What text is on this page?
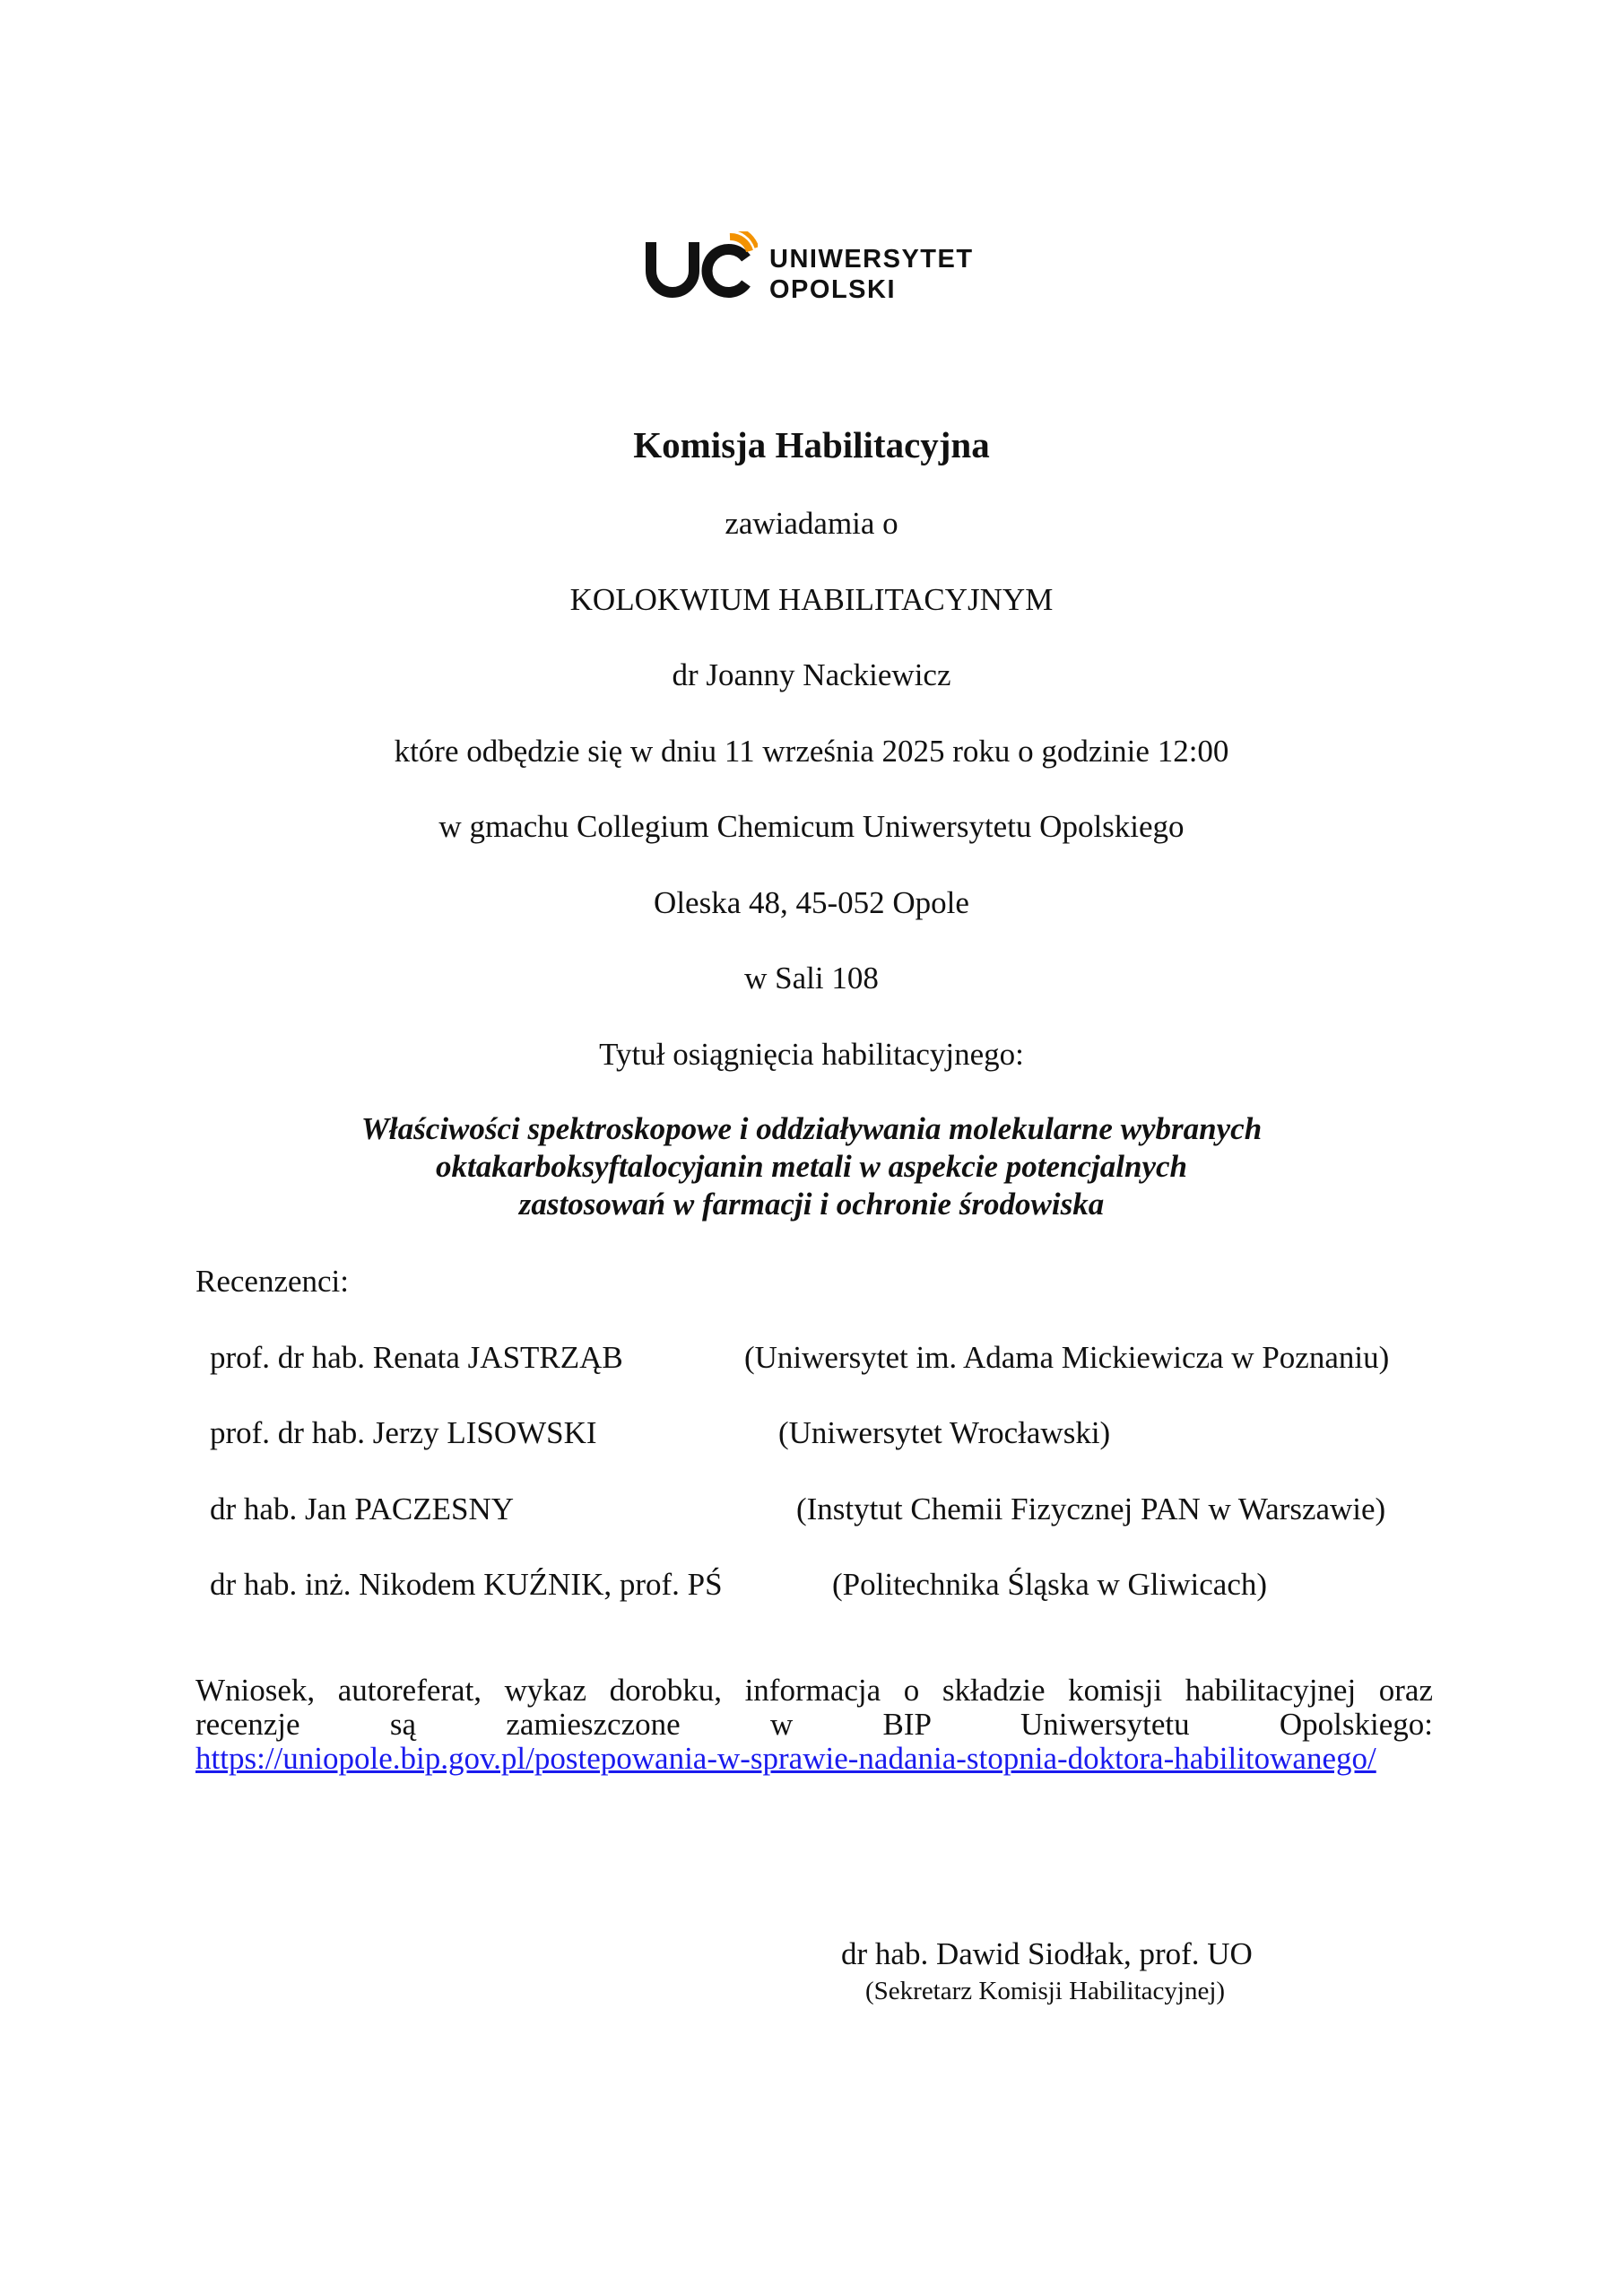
UNIWERSYTET
OPOLSKI
Komisja Habilitacyjna
zawiadamia o
KOLOKWIUM HABILITACYJNYM
dr Joanny Nackiewicz
które odbędzie się w dniu 11 września 2025 roku o godzinie 12:00
w gmachu Collegium Chemicum Uniwersytetu Opolskiego
Oleska 48, 45-052 Opole
w Sali 108
Tytuł osiągnięcia habilitacyjnego:
Właściwości spektroskopowe i oddziaływania molekularne wybranych
oktakarboksyftalocyjanin metali w aspekcie potencjalnych
zastosowań w farmacji i ochronie środowiska
Recenzenci:
prof. dr hab. Renata JASTRZĄB	(Uniwersytet im. Adama Mickiewicza w Poznaniu)
prof. dr hab. Jerzy LISOWSKI	(Uniwersytet Wrocławski)
dr hab. Jan PACZESNY	(Instytut Chemii Fizycznej PAN w Warszawie)
dr hab. inż. Nikodem KUŹNIK, prof. PŚ	(Politechnika Śląska w Gliwicach)
Wniosek, autoreferat, wykaz dorobku, informacja o składzie komisji habilitacyjnej oraz
recenzje są zamieszczone w BIP Uniwersytetu Opolskiego:
https://uniopole.bip.gov.pl/postepowania-w-sprawie-nadania-stopnia-doktora-habilitowanego/
dr hab. Dawid Siodłak, prof. UO
(Sekretarz Komisji Habilitacyjnej)
